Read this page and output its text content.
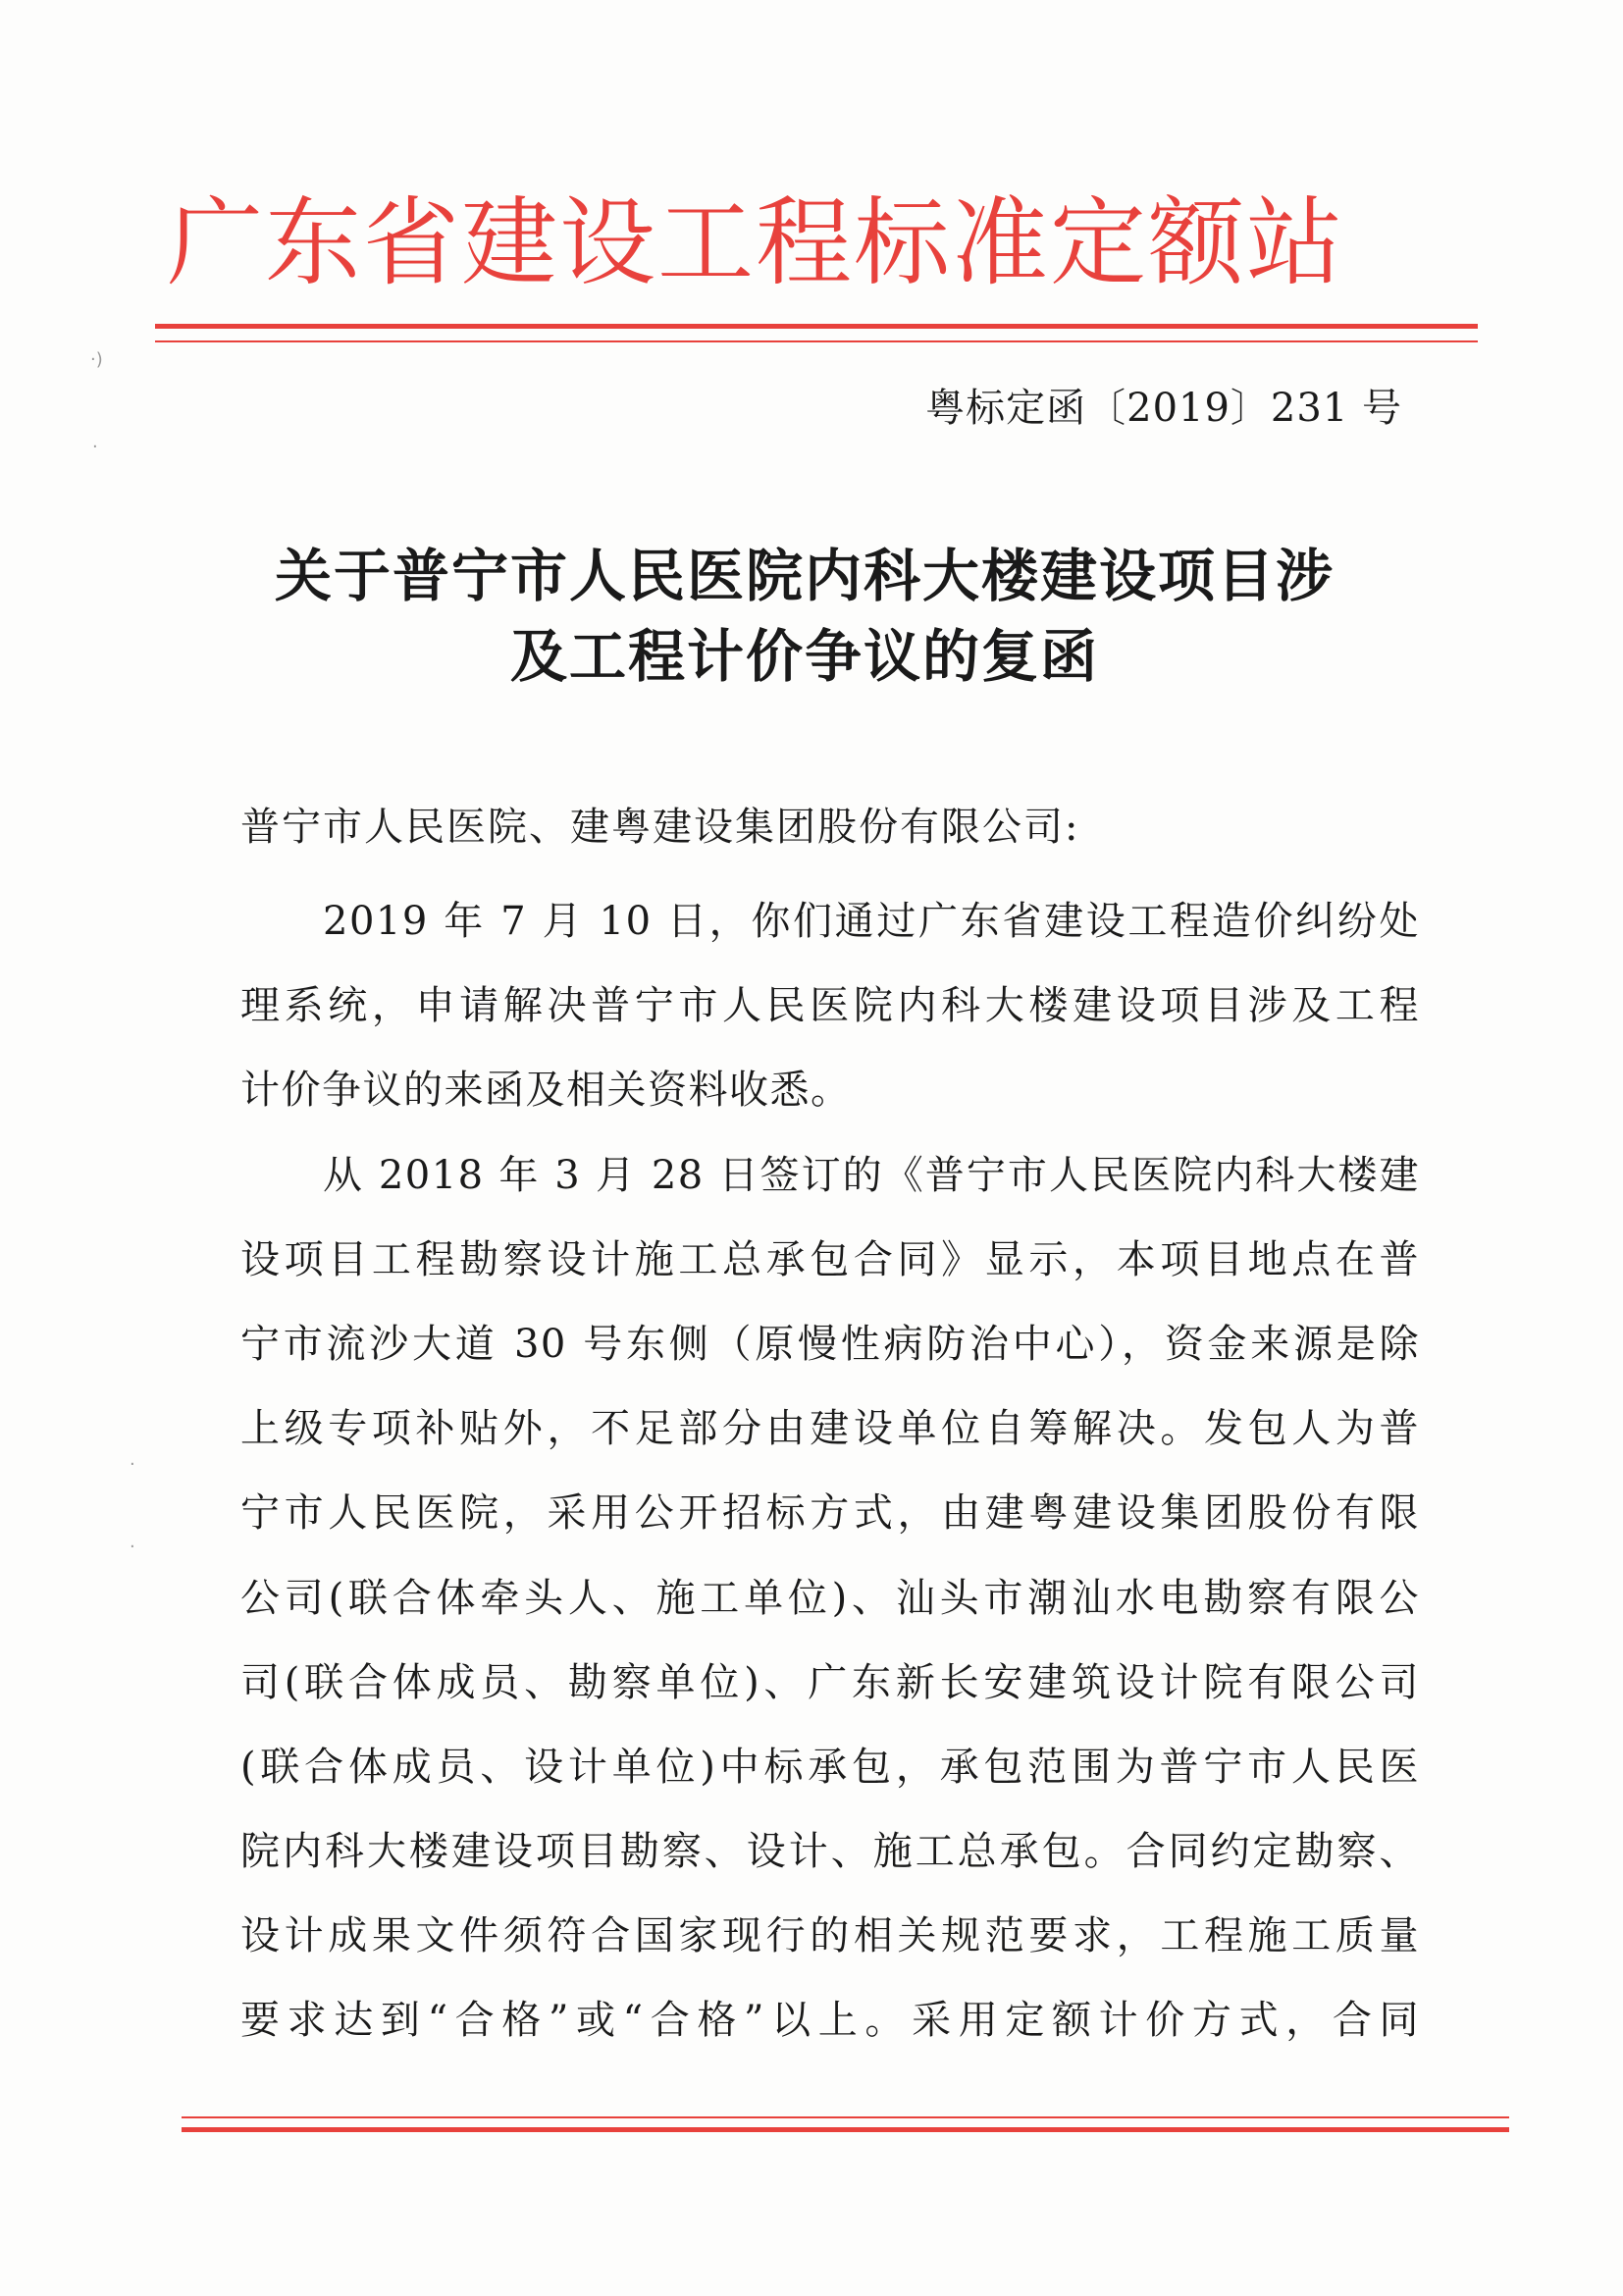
·)
·
·
·
广东省建设工程标准定额站
粤标定函〔2019〕231 号
关于普宁市人民医院内科大楼建设项目涉
及工程计价争议的复函
普宁市人民医院、建粤建设集团股份有限公司:
2019 年 7 月 10 日，你们通过广东省建设工程造价纠纷处
理系统，申请解决普宁市人民医院内科大楼建设项目涉及工程
计价争议的来函及相关资料收悉。
从 2018 年 3 月 28 日签订的《普宁市人民医院内科大楼建
设项目工程勘察设计施工总承包合同》显示，本项目地点在普
宁市流沙大道 30 号东侧（原慢性病防治中心），资金来源是除
上级专项补贴外，不足部分由建设单位自筹解决。发包人为普
宁市人民医院，采用公开招标方式，由建粤建设集团股份有限
公司(联合体牵头人、施工单位)、汕头市潮汕水电勘察有限公
司(联合体成员、勘察单位)、广东新长安建筑设计院有限公司
(联合体成员、设计单位)中标承包，承包范围为普宁市人民医
院内科大楼建设项目勘察、设计、施工总承包。合同约定勘察、
设计成果文件须符合国家现行的相关规范要求，工程施工质量
要求达到“合格”或“合格”以上。采用定额计价方式，合同
